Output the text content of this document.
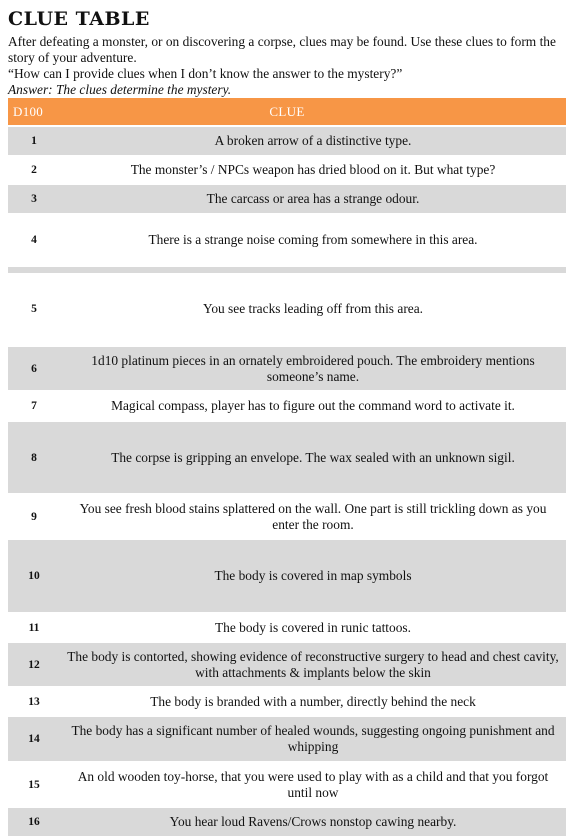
CLUE TABLE

After defeating a monster, or on discovering a corpse, clues may be found. Use these clues to form the story of your adventure.

“How can I provide clues when I don’t know the answer to the mystery?”

Answer: The clues determine the mystery.

D100	CLUE
1	A broken arrow of a distinctive type.
2	The monster’s / NPCs weapon has dried blood on it. But what type?
3	The carcass or area has a strange odour.
4	There is a strange noise coming from somewhere in this area.
5	You see tracks leading off from this area.
6	1d10 platinum pieces in an ornately embroidered pouch. The embroidery mentions someone’s name.
7	Magical compass, player has to figure out the command word to activate it.
8	The corpse is gripping an envelope. The wax sealed with an unknown sigil.
9	You see fresh blood stains splattered on the wall. One part is still trickling down as you enter the room.
10	The body is covered in map symbols
11	The body is covered in runic tattoos.
12	The body is contorted, showing evidence of reconstructive surgery to head and chest cavity, with attachments & implants below the skin
13	The body is branded with a number, directly behind the neck
14	The body has a significant number of healed wounds, suggesting ongoing punishment and whipping
15	An old wooden toy-horse, that you were used to play with as a child and that you forgot until now
16	You hear loud Ravens/Crows nonstop cawing nearby.
